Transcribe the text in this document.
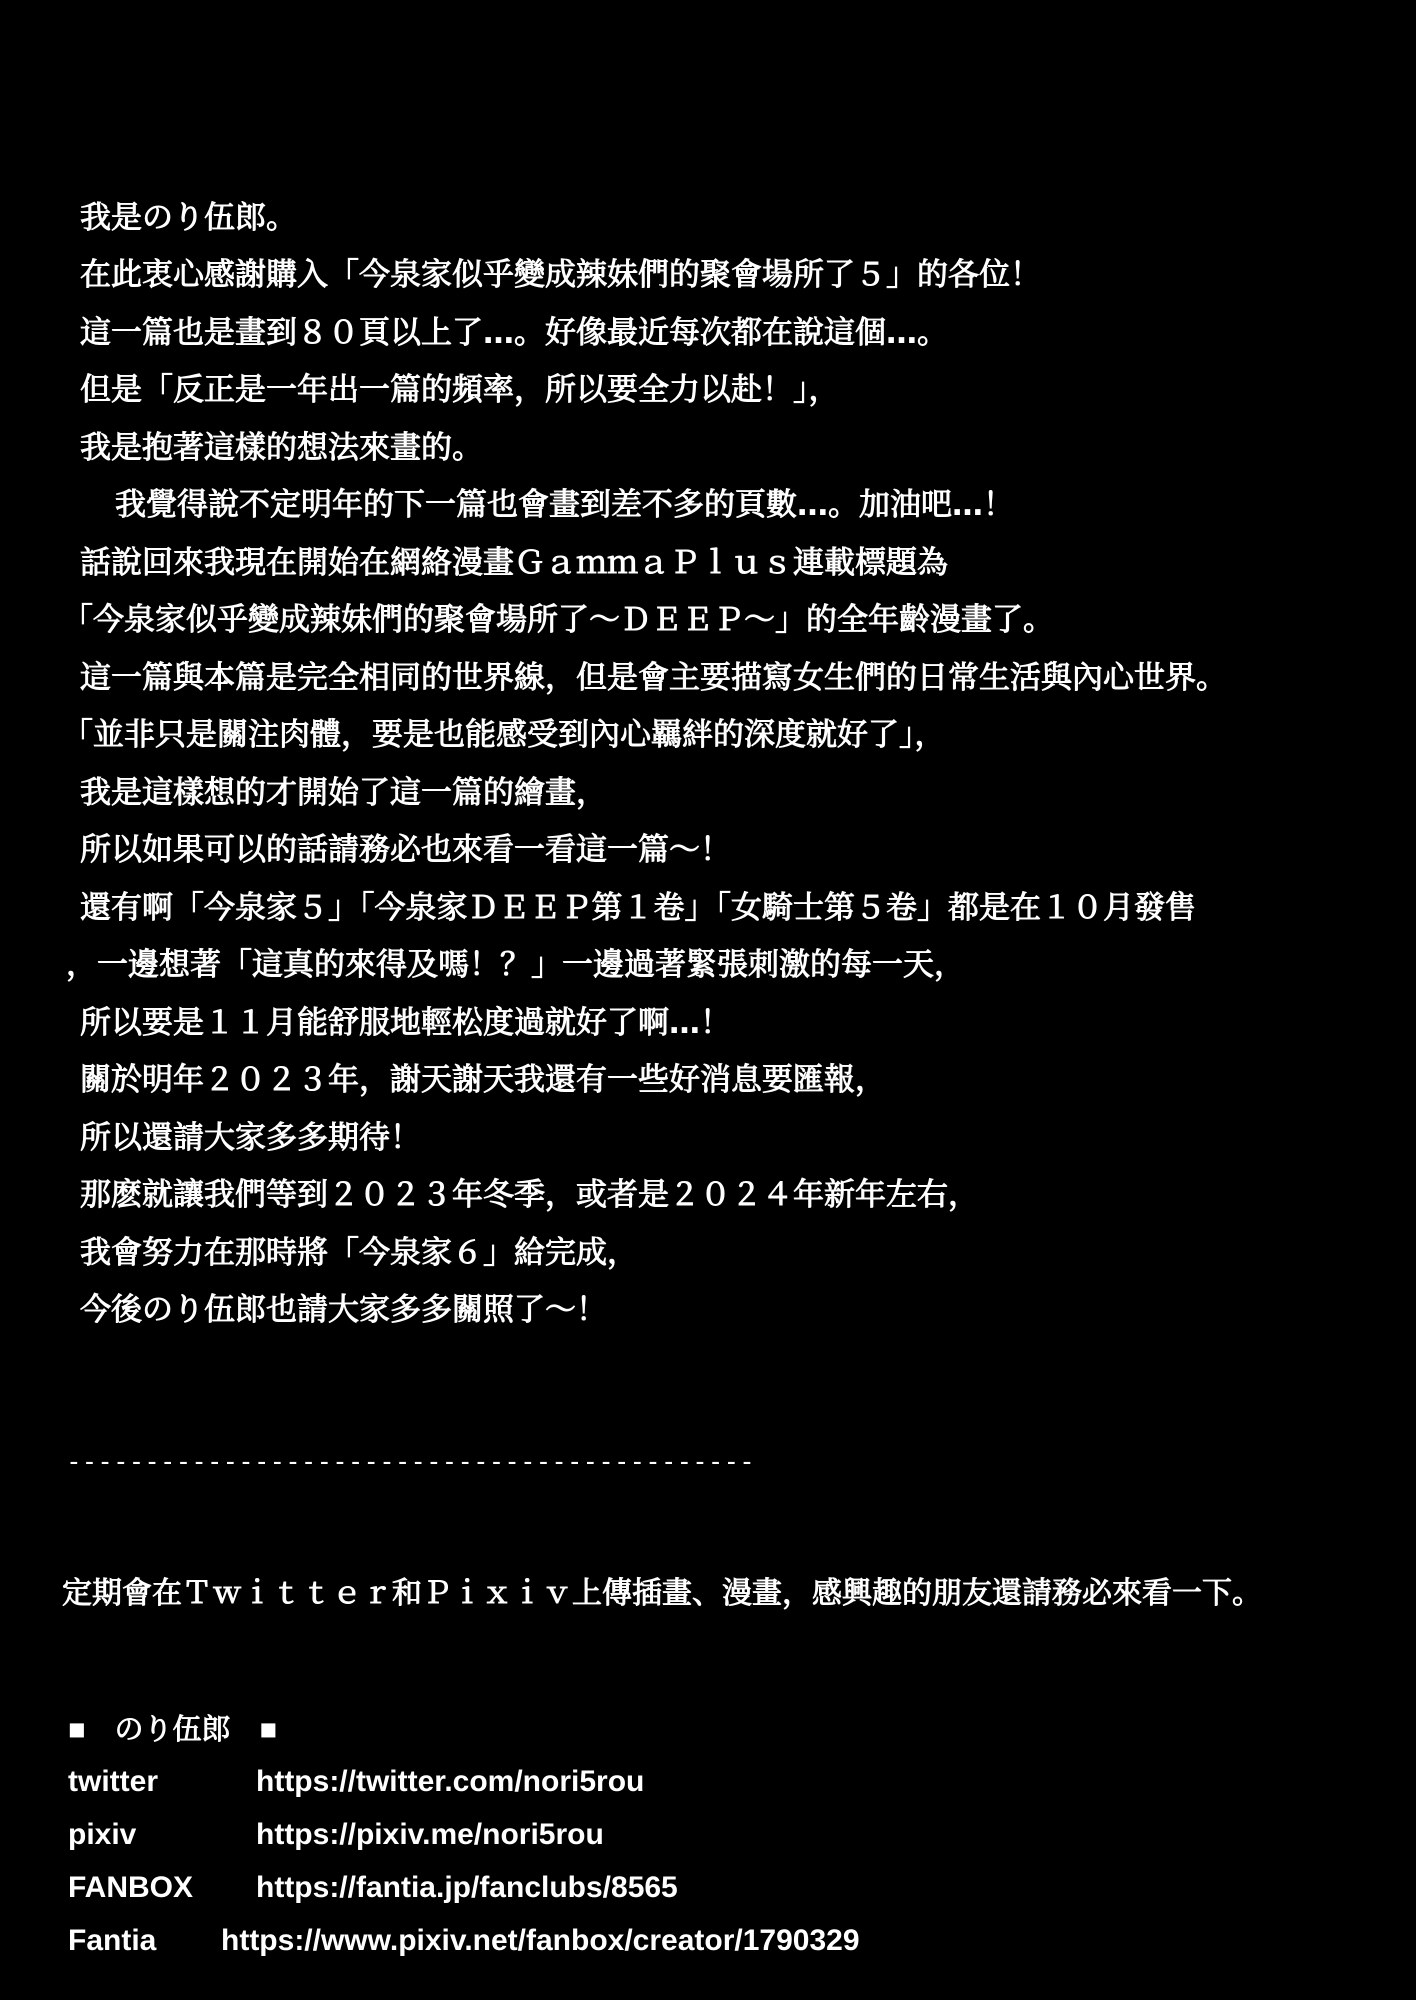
我是のり伍郎。
在此衷心感謝購入「今泉家似乎變成辣妹們的聚會場所了５」的各位！
這一篇也是畫到８０頁以上了…。好像最近每次都在說這個…。
但是「反正是一年出一篇的頻率，所以要全力以赴！」，
我是抱著這樣的想法來畫的。
　我覺得說不定明年的下一篇也會畫到差不多的頁數…。加油吧…！
話說回來我現在開始在網絡漫畫ＧａｍｍａＰｌｕｓ連載標題為
「今泉家似乎變成辣妹們的聚會場所了～ＤＥＥＰ～」的全年齡漫畫了。
這一篇與本篇是完全相同的世界線，但是會主要描寫女生們的日常生活與內心世界。
「並非只是關注肉體，要是也能感受到內心羈絆的深度就好了」，
我是這樣想的才開始了這一篇的繪畫，
所以如果可以的話請務必也來看一看這一篇～！
還有啊「今泉家５」「今泉家ＤＥＥＰ第１卷」「女騎士第５卷」都是在１０月發售
，一邊想著「這真的來得及嗎！？」一邊過著緊張刺激的每一天，
所以要是１１月能舒服地輕松度過就好了啊…！
關於明年２０２３年，謝天謝天我還有一些好消息要匯報，
所以還請大家多多期待！
那麽就讓我們等到２０２３年冬季，或者是２０２４年新年左右，
我會努力在那時將「今泉家６」給完成，
今後のり伍郎也請大家多多關照了～！
--------------------------------------------
定期會在Ｔｗｉｔｔｅｒ和Ｐｉｘｉｖ上傳插畫、漫畫，感興趣的朋友還請務必來看一下。
■　のり伍郎　■
twitter	https://twitter.com/nori5rou
pixiv	https://pixiv.me/nori5rou
FANBOX https://fantia.jp/fanclubs/8565
Fantia https://www.pixiv.net/fanbox/creator/1790329
